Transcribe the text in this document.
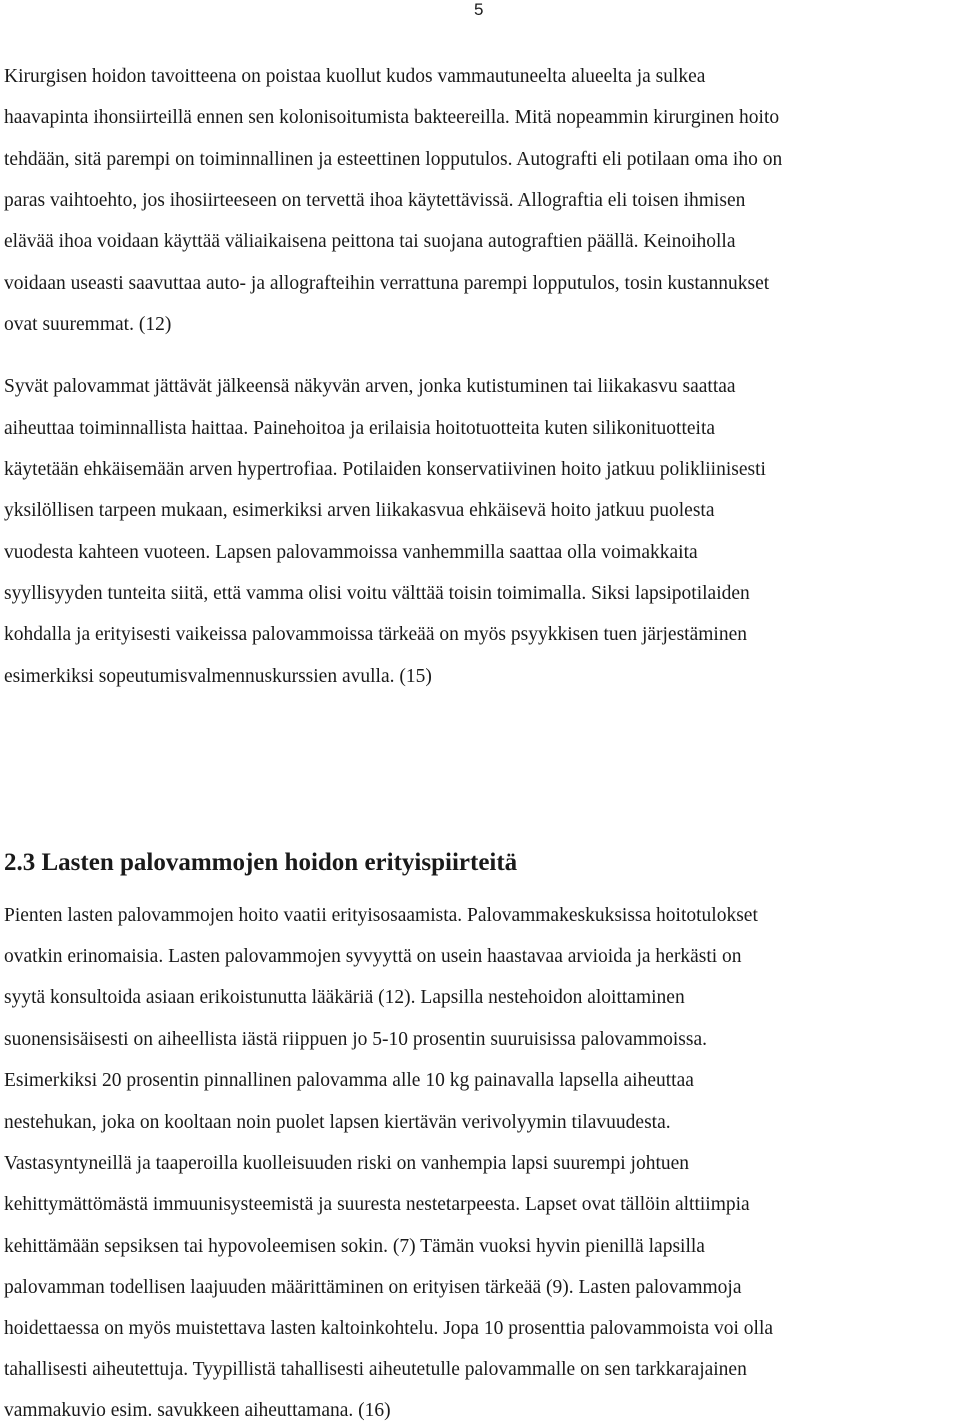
5
Kirurgisen hoidon tavoitteena on poistaa kuollut kudos vammautuneelta alueelta ja sulkea
haavapinta ihonsiirteillä ennen sen kolonisoitumista bakteereilla. Mitä nopeammin kirurginen hoito
tehdään, sitä parempi on toiminnallinen ja esteettinen lopputulos. Autografti eli potilaan oma iho on
paras vaihtoehto, jos ihosiirteeseen on tervettä ihoa käytettävissä. Allograftia eli toisen ihmisen
elävää ihoa voidaan käyttää väliaikaisena peittona tai suojana autograftien päällä. Keinoiholla
voidaan useasti saavuttaa auto- ja allografteihin verrattuna parempi lopputulos, tosin kustannukset
ovat suuremmat. (12)
Syvät palovammat jättävät jälkeensä näkyvän arven, jonka kutistuminen tai liikakasvu saattaa
aiheuttaa toiminnallista haittaa. Painehoitoa ja erilaisia hoitotuotteita kuten silikonituotteita
käytetään ehkäisemään arven hypertrofiaa. Potilaiden konservatiivinen hoito jatkuu polikliinisesti
yksilöllisen tarpeen mukaan, esimerkiksi arven liikakasvua ehkäisevä hoito jatkuu puolesta
vuodesta kahteen vuoteen. Lapsen palovammoissa vanhemmilla saattaa olla voimakkaita
syyllisyyden tunteita siitä, että vamma olisi voitu välttää toisin toimimalla. Siksi lapsipotilaiden
kohdalla ja erityisesti vaikeissa palovammoissa tärkeää on myös psyykkisen tuen järjestäminen
esimerkiksi sopeutumisvalmennuskurssien avulla. (15)
2.3 Lasten palovammojen hoidon erityispiirteitä
Pienten lasten palovammojen hoito vaatii erityisosaamista. Palovammakeskuksissa hoitotulokset
ovatkin erinomaisia. Lasten palovammojen syvyyttä on usein haastavaa arvioida ja herkästi on
syytä konsultoida asiaan erikoistunutta lääkäriä (12). Lapsilla nestehoidon aloittaminen
suonensisäisesti on aiheellista iästä riippuen jo 5-10 prosentin suuruisissa palovammoissa.
Esimerkiksi 20 prosentin pinnallinen palovamma alle 10 kg painavalla lapsella aiheuttaa
nestehukan, joka on kooltaan noin puolet lapsen kiertävän verivolyymin tilavuudesta.
Vastasyntyneillä ja taaperoilla kuolleisuuden riski on vanhempia lapsi suurempi johtuen
kehittymättömästä immuunisysteemistä ja suuresta nestetarpeesta. Lapset ovat tällöin alttiimpia
kehittämään sepsiksen tai hypovoleemisen sokin. (7) Tämän vuoksi hyvin pienillä lapsilla
palovamman todellisen laajuuden määrittäminen on erityisen tärkeää (9). Lasten palovammoja
hoidettaessa on myös muistettava lasten kaltoinkohtelu. Jopa 10 prosenttia palovammoista voi olla
tahallisesti aiheutettuja. Tyypillistä tahallisesti aiheutetulle palovammalle on sen tarkkarajainen
vammakuvio esim. savukkeen aiheuttamana. (16)
